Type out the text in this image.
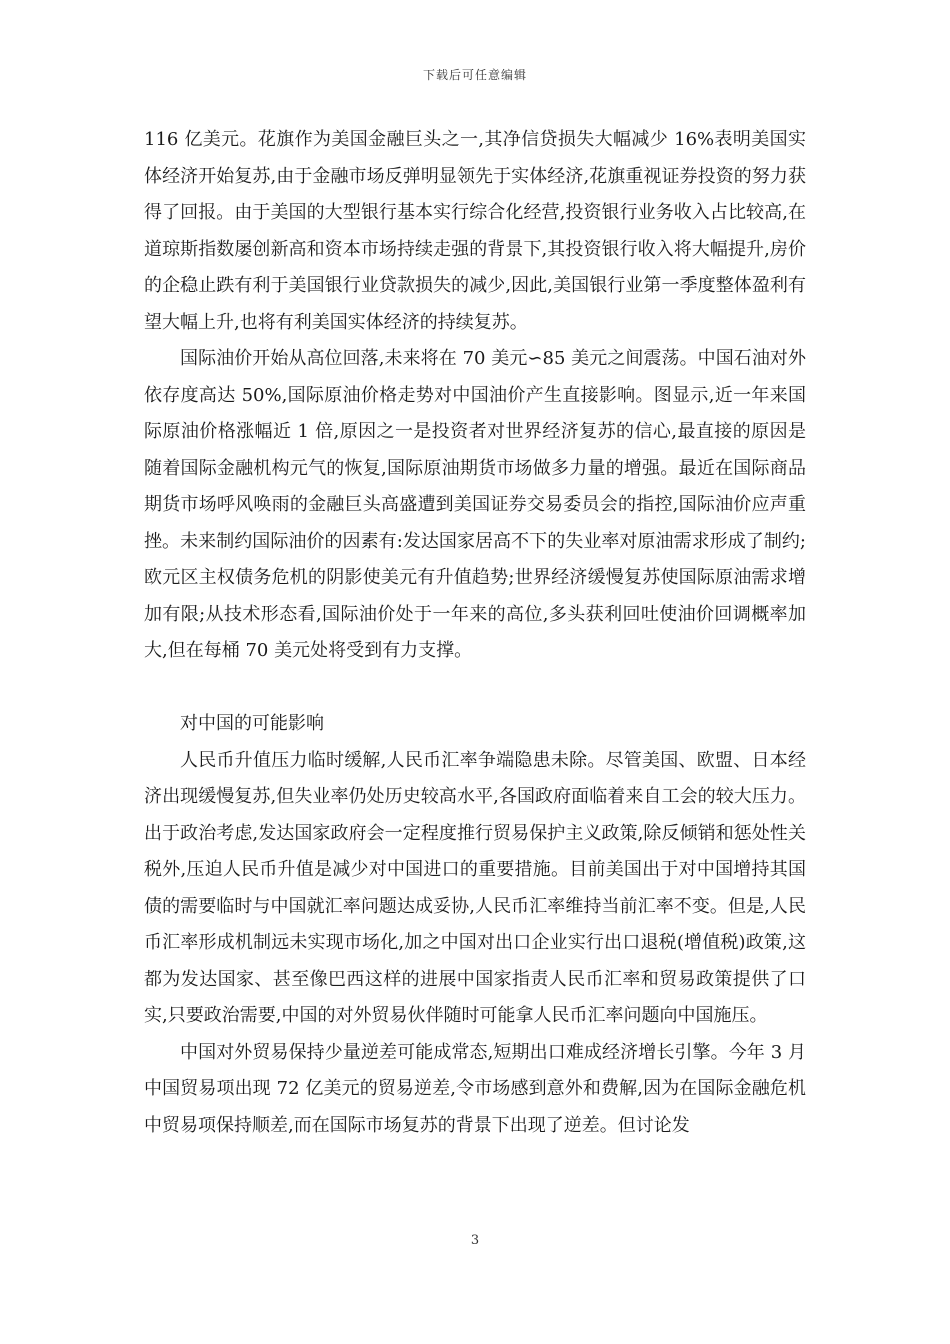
下载后可任意编辑

116 亿美元。花旗作为美国金融巨头之一,其净信贷损失大幅减少 16%表明美国实体经济开始复苏,由于金融市场反弹明显领先于实体经济,花旗重视证券投资的努力获得了回报。由于美国的大型银行基本实行综合化经营,投资银行业务收入占比较高,在道琼斯指数屡创新高和资本市场持续走强的背景下,其投资银行收入将大幅提升,房价的企稳止跌有利于美国银行业贷款损失的减少,因此,美国银行业第一季度整体盈利有望大幅上升,也将有利美国实体经济的持续复苏。

国际油价开始从高位回落,未来将在 70 美元∽85 美元之间震荡。中国石油对外依存度高达 50%,国际原油价格走势对中国油价产生直接影响。图显示,近一年来国际原油价格涨幅近 1 倍,原因之一是投资者对世界经济复苏的信心,最直接的原因是随着国际金融机构元气的恢复,国际原油期货市场做多力量的增强。最近在国际商品期货市场呼风唤雨的金融巨头高盛遭到美国证券交易委员会的指控,国际油价应声重挫。未来制约国际油价的因素有:发达国家居高不下的失业率对原油需求形成了制约;欧元区主权债务危机的阴影使美元有升值趋势;世界经济缓慢复苏使国际原油需求增加有限;从技术形态看,国际油价处于一年来的高位,多头获利回吐使油价回调概率加大,但在每桶 70 美元处将受到有力支撑。

对中国的可能影响

人民币升值压力临时缓解,人民币汇率争端隐患未除。尽管美国、欧盟、日本经济出现缓慢复苏,但失业率仍处历史较高水平,各国政府面临着来自工会的较大压力。出于政治考虑,发达国家政府会一定程度推行贸易保护主义政策,除反倾销和惩处性关税外,压迫人民币升值是减少对中国进口的重要措施。目前美国出于对中国增持其国债的需要临时与中国就汇率问题达成妥协,人民币汇率维持当前汇率不变。但是,人民币汇率形成机制远未实现市场化,加之中国对出口企业实行出口退税(增值税)政策,这都为发达国家、甚至像巴西这样的进展中国家指责人民币汇率和贸易政策提供了口实,只要政治需要,中国的对外贸易伙伴随时可能拿人民币汇率问题向中国施压。

中国对外贸易保持少量逆差可能成常态,短期出口难成经济增长引擎。今年 3 月中国贸易项出现 72 亿美元的贸易逆差,令市场感到意外和费解,因为在国际金融危机中贸易项保持顺差,而在国际市场复苏的背景下出现了逆差。但讨论发

3
